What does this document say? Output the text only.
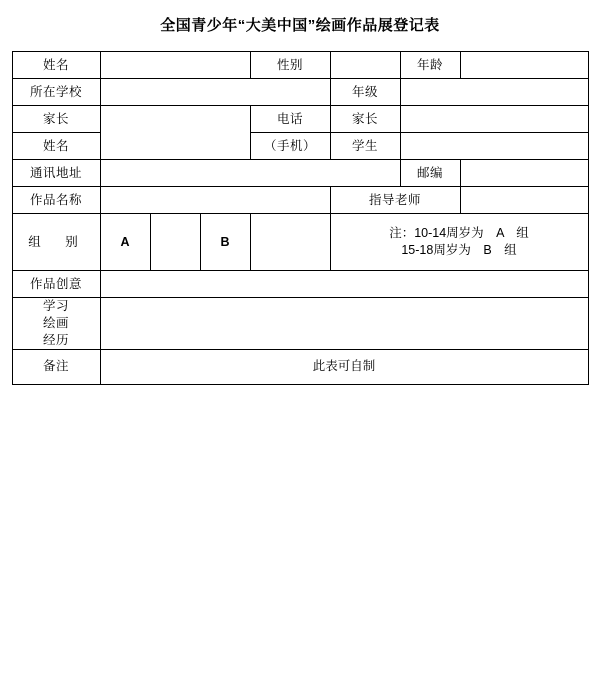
全国青少年“大美中国”绘画作品展登记表
姓名				性别		年龄	
所在学校					年级		
家长				电话	家长		
姓名				（手机）	学生		
通讯地址						邮编	
作品名称					指导老师		
组　别	A		B		注：10-14周岁为　A　组
15-18周岁为　B　组		

作品创意							

学习
绘画
经历							

备注	此表可自制						
